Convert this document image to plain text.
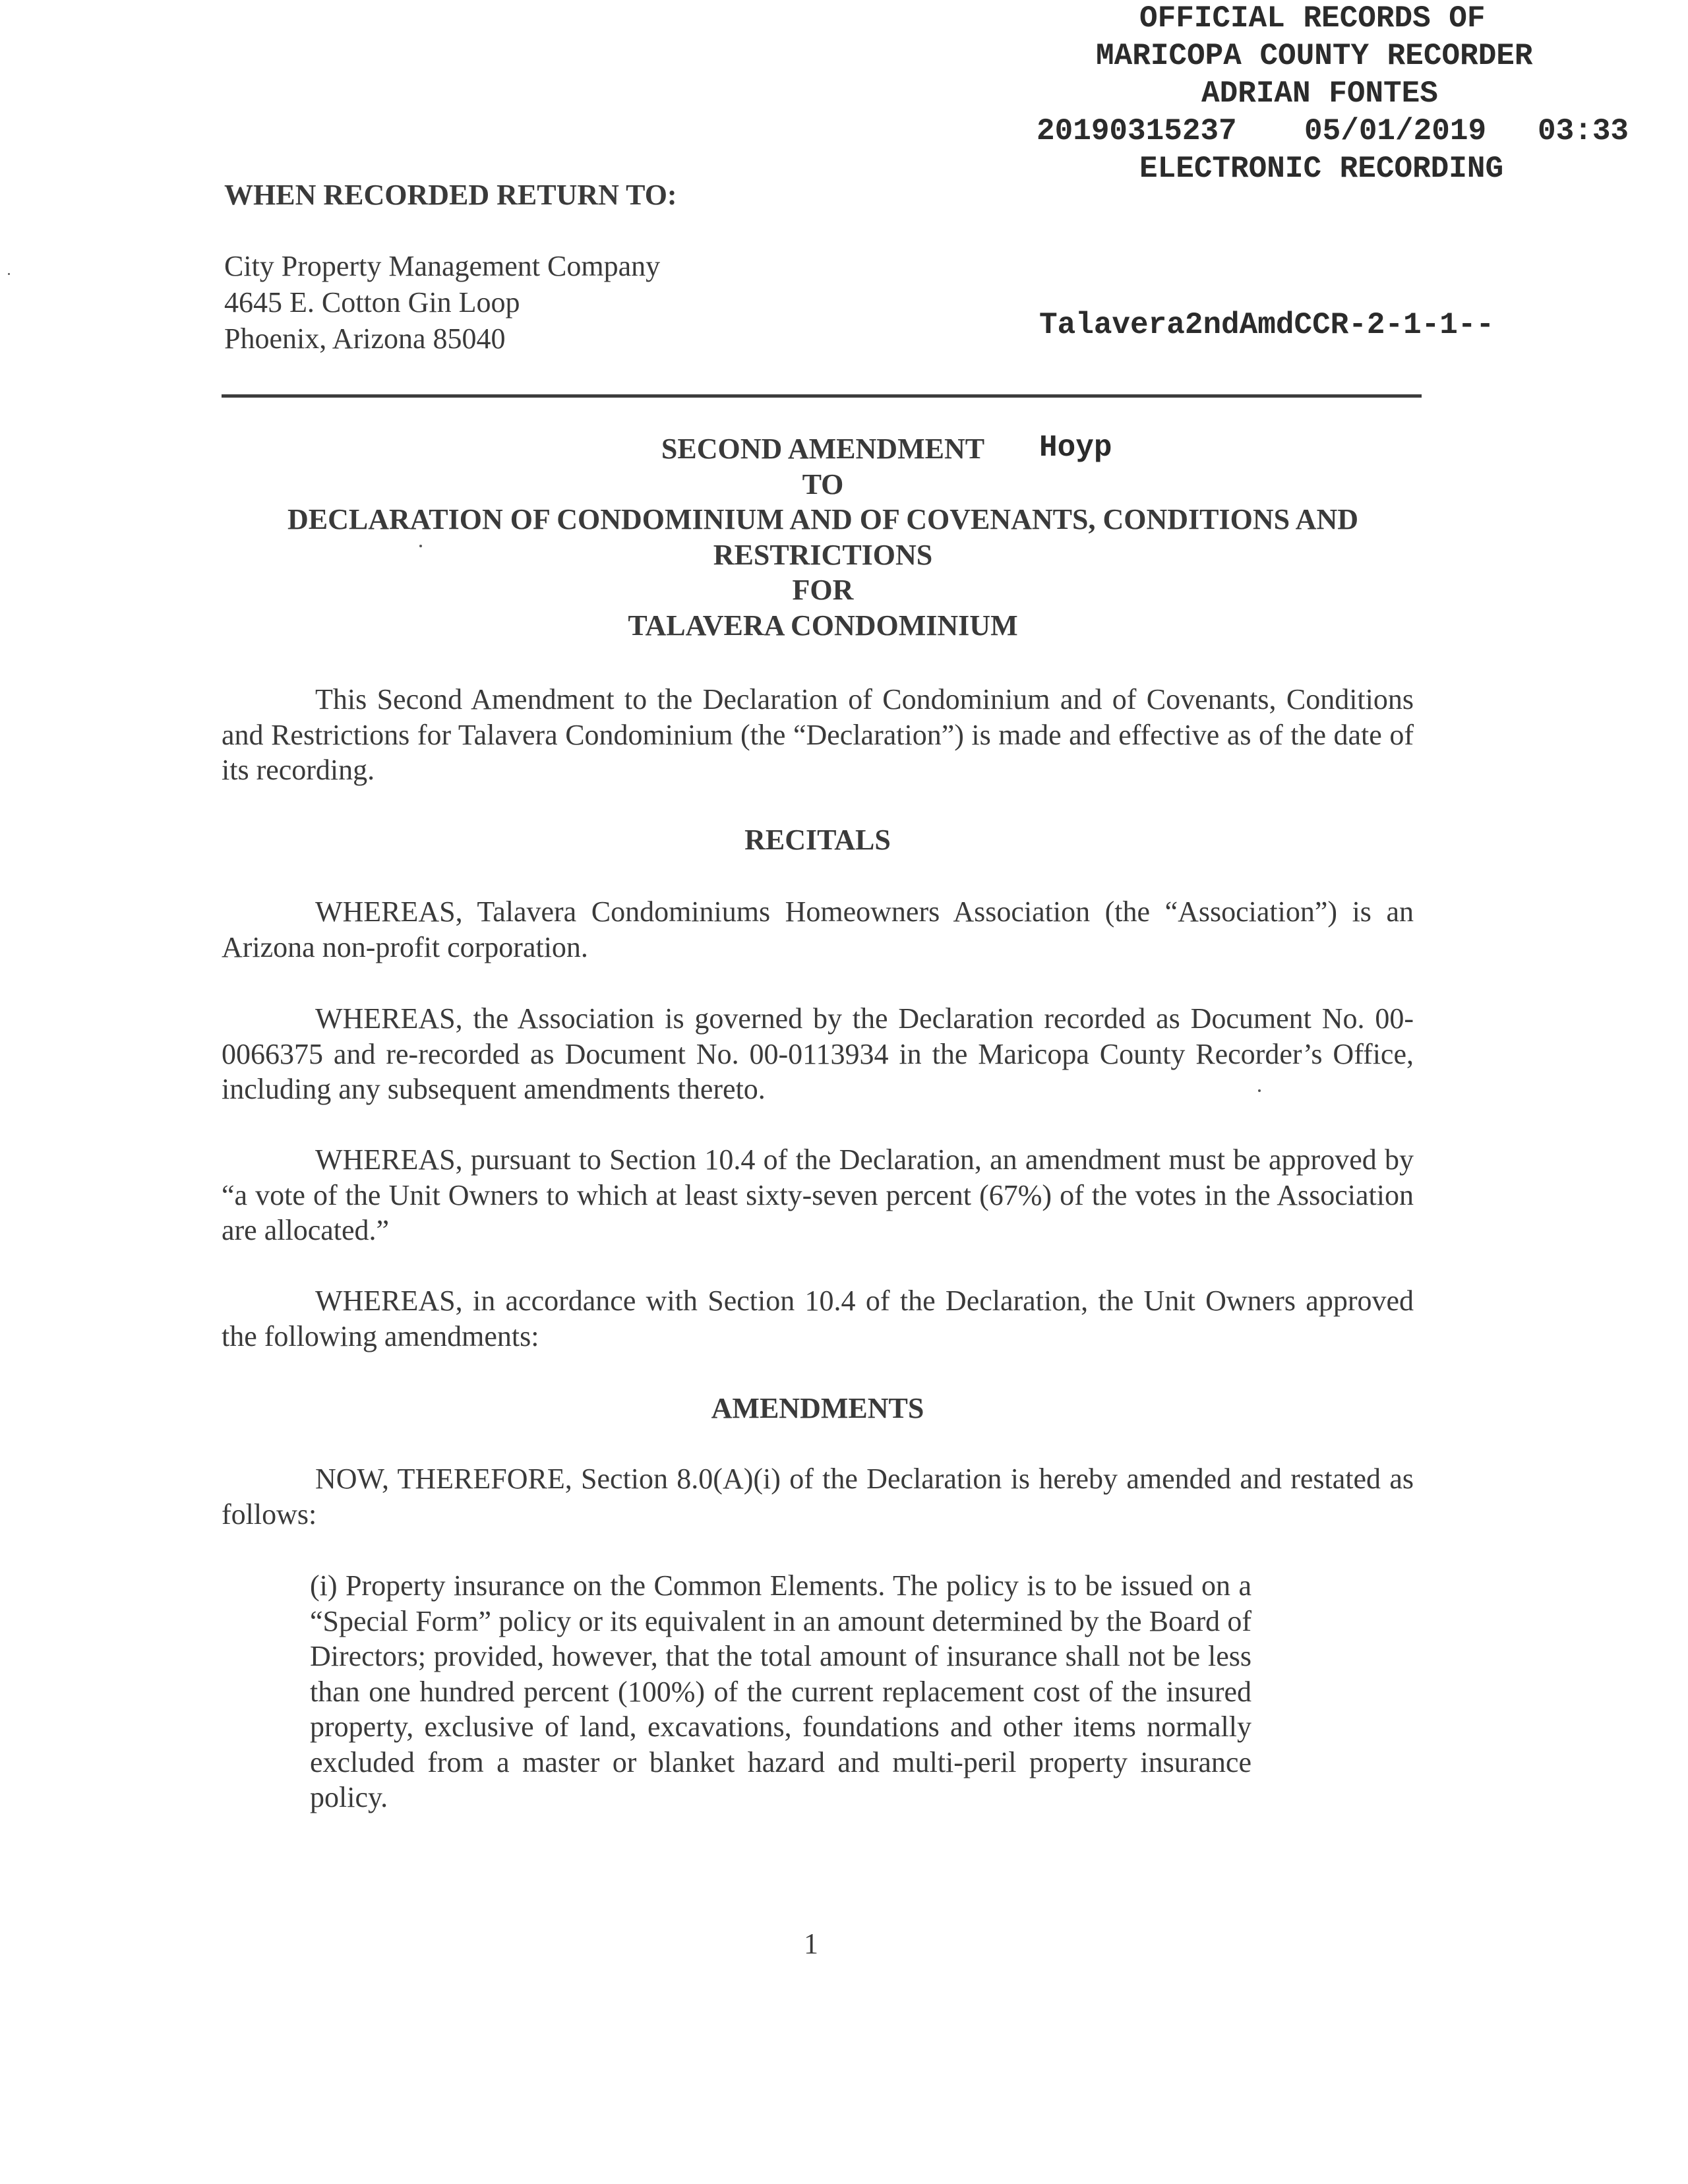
OFFICIAL RECORDS OF

MARICOPA COUNTY RECORDER

ADRIAN FONTES

20190315237

05/01/2019

03:33

ELECTRONIC RECORDING

Talavera2ndAmdCCR-2-1-1--

Hoyp

WHEN RECORDED RETURN TO:
City Property Management Company
4645 E. Cotton Gin Loop
Phoenix, Arizona 85040
SECOND AMENDMENT
TO
DECLARATION OF CONDOMINIUM AND OF COVENANTS, CONDITIONS AND
RESTRICTIONS
FOR
TALAVERA CONDOMINIUM
This Second Amendment to the Declaration of Condominium and of Covenants, Conditions and Restrictions for Talavera Condominium (the “Declaration”) is made and effective as of the date of its recording.
RECITALS
WHEREAS, Talavera Condominiums Homeowners Association (the “Association”) is an Arizona non-profit corporation.
WHEREAS, the Association is governed by the Declaration recorded as Document No. 00-0066375 and re-recorded as Document No. 00-0113934 in the Maricopa County Recorder’s Office, including any subsequent amendments thereto.
WHEREAS, pursuant to Section 10.4 of the Declaration, an amendment must be approved by “a vote of the Unit Owners to which at least sixty-seven percent (67%) of the votes in the Association are allocated.”
WHEREAS, in accordance with Section 10.4 of the Declaration, the Unit Owners approved the following amendments:
AMENDMENTS
NOW, THEREFORE, Section 8.0(A)(i) of the Declaration is hereby amended and restated as follows:
(i) Property insurance on the Common Elements. The policy is to be issued on a “Special Form” policy or its equivalent in an amount determined by the Board of Directors; provided, however, that the total amount of insurance shall not be less than one hundred percent (100%) of the current replacement cost of the insured property, exclusive of land, excavations, foundations and other items normally excluded from a master or blanket hazard and multi-peril property insurance policy.
1
